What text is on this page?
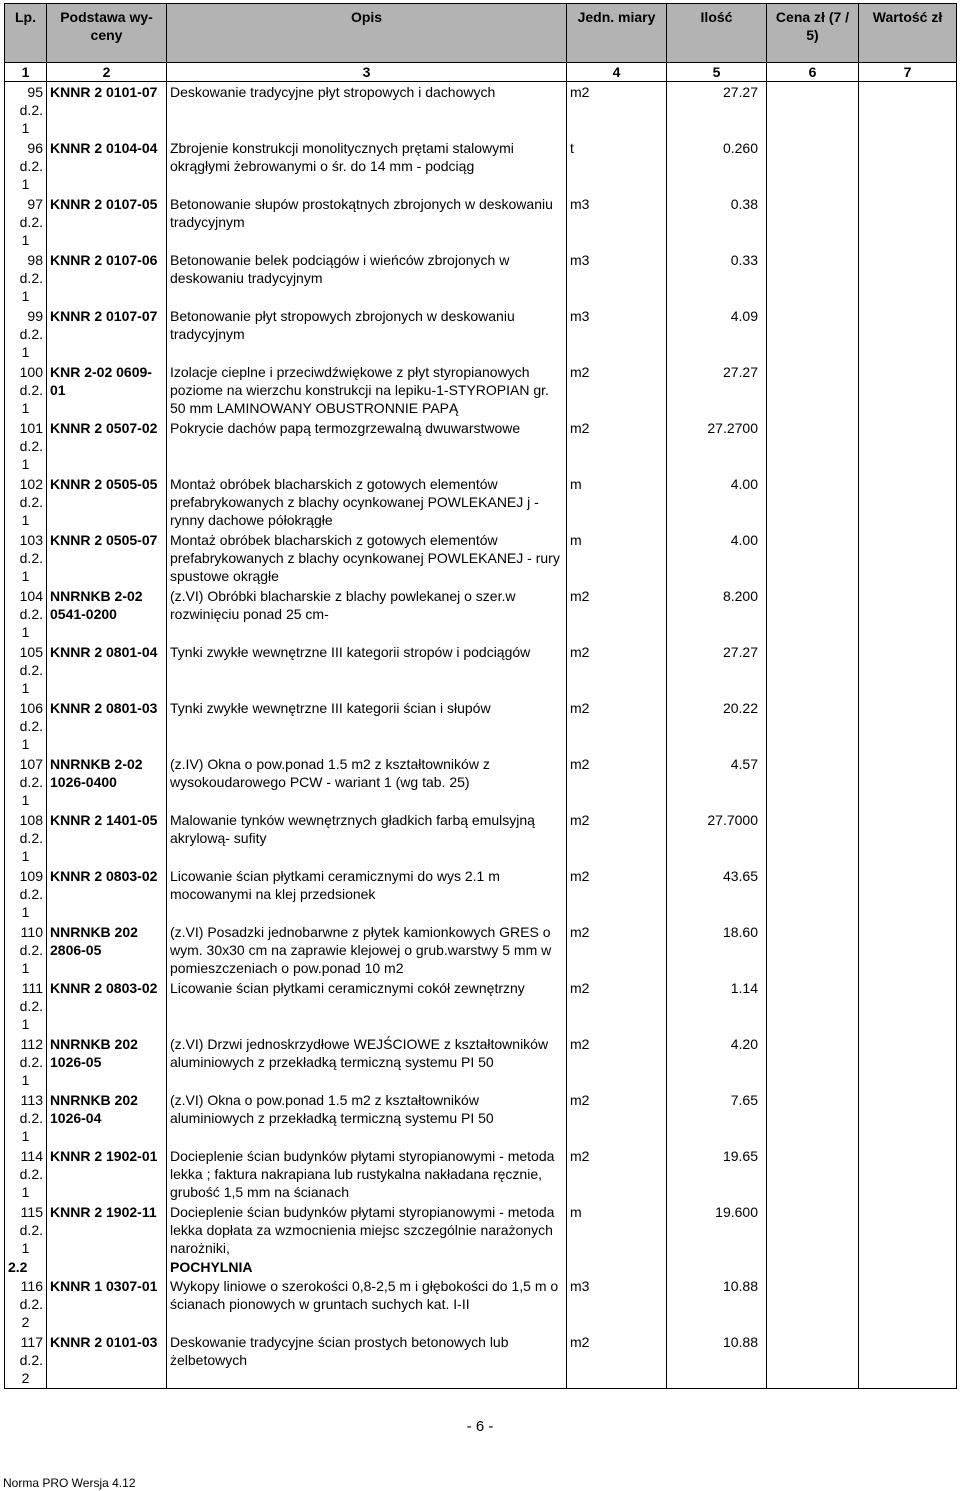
Lp.	Podstawa wy-ceny	Opis	Jedn. miary	Ilość	Cena zł (7 / 5)	Wartość zł
1	2	3	4	5	6	7

95
d.2.
1	KNNR 2 0101-07	Deskowanie tradycyjne płyt stropowych i dachowych	m2	27.27		

96
d.2.
1	KNNR 2 0104-04	Zbrojenie konstrukcji monolitycznych prętami stalowymi okrągłymi żebrowanymi o śr. do 14 mm - podciąg	t	0.260		

97
d.2.
1	KNNR 2 0107-05	Betonowanie słupów prostokątnych zbrojonych w deskowaniu tradycyjnym	m3	0.38		

98
d.2.
1	KNNR 2 0107-06	Betonowanie belek podciągów i wieńców zbrojonych w deskowaniu tradycyjnym	m3	0.33		

99
d.2.
1	KNNR 2 0107-07	Betonowanie płyt stropowych zbrojonych w deskowaniu tradycyjnym	m3	4.09		

100
d.2.
1	KNR 2-02 0609-01	Izolacje cieplne i przeciwdźwiękowe z płyt styropianowych poziome na wierzchu konstrukcji na lepiku-1-STYROPIAN gr. 50 mm LAMINOWANY OBUSTRONNIE PAPĄ	m2	27.27		

101
d.2.
1	KNNR 2 0507-02	Pokrycie dachów papą termozgrzewalną dwuwarstwowe	m2	27.2700		

102
d.2.
1	KNNR 2 0505-05	Montaż obróbek blacharskich z gotowych elementów prefabrykowanych z blachy ocynkowanej POWLEKANEJ j - rynny dachowe półokrągłe	m	4.00		

103
d.2.
1	KNNR 2 0505-07	Montaż obróbek blacharskich z gotowych elementów prefabrykowanych z blachy ocynkowanej POWLEKANEJ - rury spustowe okrągłe	m	4.00		

104
d.2.
1	NNRNKB 2-02 0541-0200	(z.VI) Obróbki blacharskie z blachy powlekanej o szer.w rozwinięciu ponad 25 cm-	m2	8.200		

105
d.2.
1	KNNR 2 0801-04	Tynki zwykłe wewnętrzne III kategorii stropów i podciągów	m2	27.27		

106
d.2.
1	KNNR 2 0801-03	Tynki zwykłe wewnętrzne III kategorii ścian i słupów	m2	20.22		

107
d.2.
1	NNRNKB 2-02 1026-0400	(z.IV) Okna o pow.ponad 1.5 m2 z kształtowników z wysokoudarowego PCW - wariant 1 (wg tab. 25)	m2	4.57		

108
d.2.
1	KNNR 2 1401-05	Malowanie tynków wewnętrznych gładkich farbą emulsyjną akrylową- sufity	m2	27.7000		

109
d.2.
1	KNNR 2 0803-02	Licowanie ścian płytkami ceramicznymi do wys 2.1 m mocowanymi na klej przedsionek	m2	43.65		

110
d.2.
1	NNRNKB 202 2806-05	(z.VI) Posadzki jednobarwne z płytek kamionkowych GRES o wym. 30x30 cm na zaprawie klejowej o grub.warstwy 5 mm w pomieszczeniach o pow.ponad 10 m2	m2	18.60		

111
d.2.
1	KNNR 2 0803-02	Licowanie ścian płytkami ceramicznymi cokół zewnętrzny	m2	1.14		

112
d.2.
1	NNRNKB 202 1026-05	(z.VI) Drzwi jednoskrzydłowe WEJŚCIOWE z kształtowników aluminiowych z przekładką termiczną systemu PI 50	m2	4.20		

113
d.2.
1	NNRNKB 202 1026-04	(z.VI) Okna o pow.ponad 1.5 m2 z kształtowników aluminiowych z przekładką termiczną systemu PI 50	m2	7.65		

114
d.2.
1	KNNR 2 1902-01	Docieplenie ścian budynków płytami styropianowymi - metoda lekka ; faktura nakrapiana lub rustykalna nakładana ręcznie, grubość 1,5 mm na ścianach	m2	19.65		

115
d.2.
1	KNNR 2 1902-11	Docieplenie ścian budynków płytami styropianowymi - metoda lekka dopłata za wzmocnienia miejsc szczególnie narażonych narożniki,	m	19.600		
2.2		POCHYLNIA				

116
d.2.
2	KNNR 1 0307-01	Wykopy liniowe o szerokości 0,8-2,5 m i głębokości do 1,5 m o ścianach pionowych w gruntach suchych kat. I-II	m3	10.88		

117
d.2.
2	KNNR 2 0101-03	Deskowanie tradycyjne ścian prostych betonowych lub żelbetowych	m2	10.88		
- 6 -
Norma PRO Wersja 4.12
